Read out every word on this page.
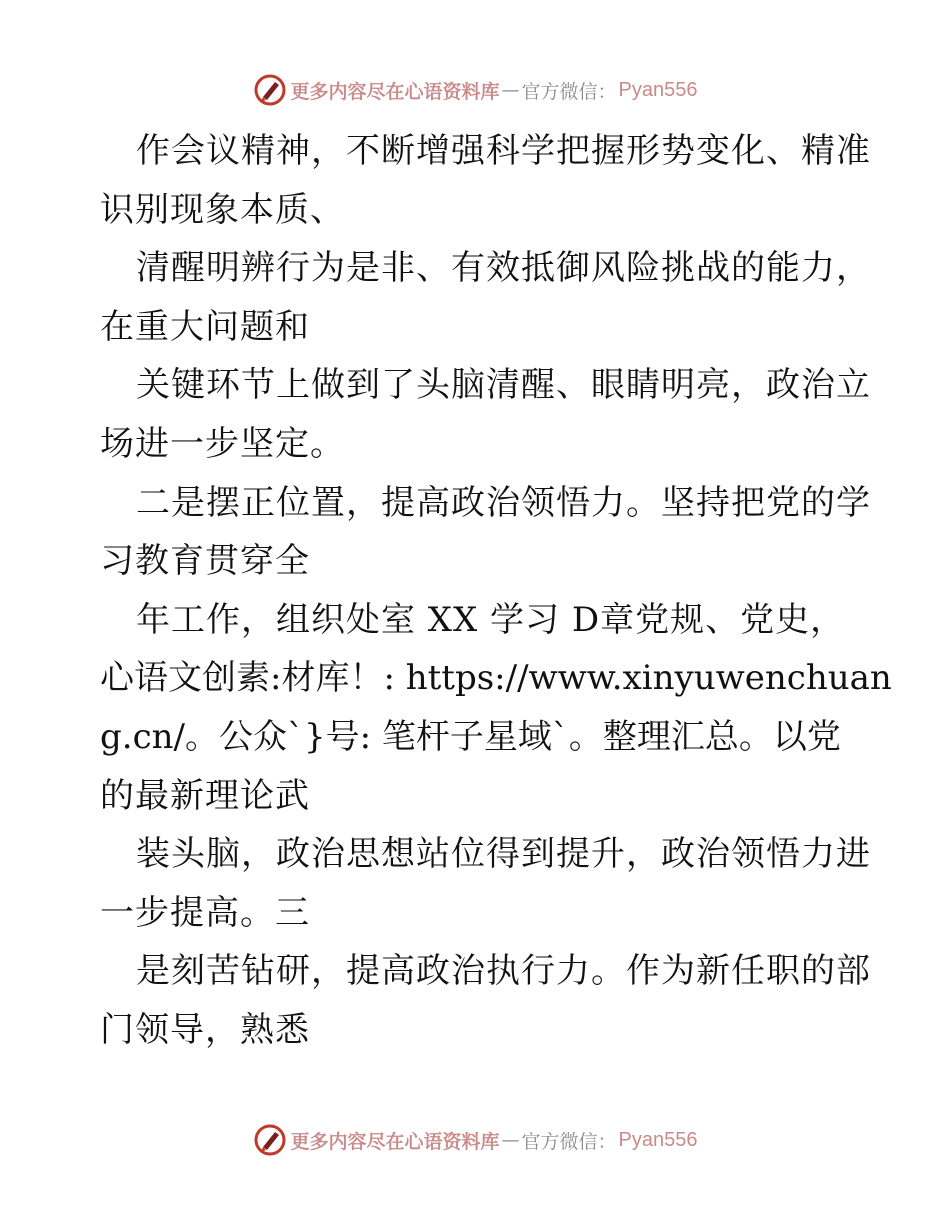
更多内容尽在心语资料库 — 官方微信： Pyan556
作会议精神，不断增强科学把握形势变化、精准
识别现象本质、
清醒明辨行为是非、有效抵御风险挑战的能力，
在重大问题和
关键环节上做到了头脑清醒、眼睛明亮，政治立
场进一步坚定。
二是摆正位置，提高政治领悟力。坚持把党的学
习教育贯穿全
年工作，组织处室 XX 学习 D章党规、党史，
心语文创素:材库！: https://www.xinyuwenchuan
g.cn/。公众`}号: 笔杆子星域`。整理汇总。以党
的最新理论武
装头脑，政治思想站位得到提升，政治领悟力进
一步提高。三
是刻苦钻研，提高政治执行力。作为新任职的部
门领导，熟悉
更多内容尽在心语资料库 — 官方微信： Pyan556
